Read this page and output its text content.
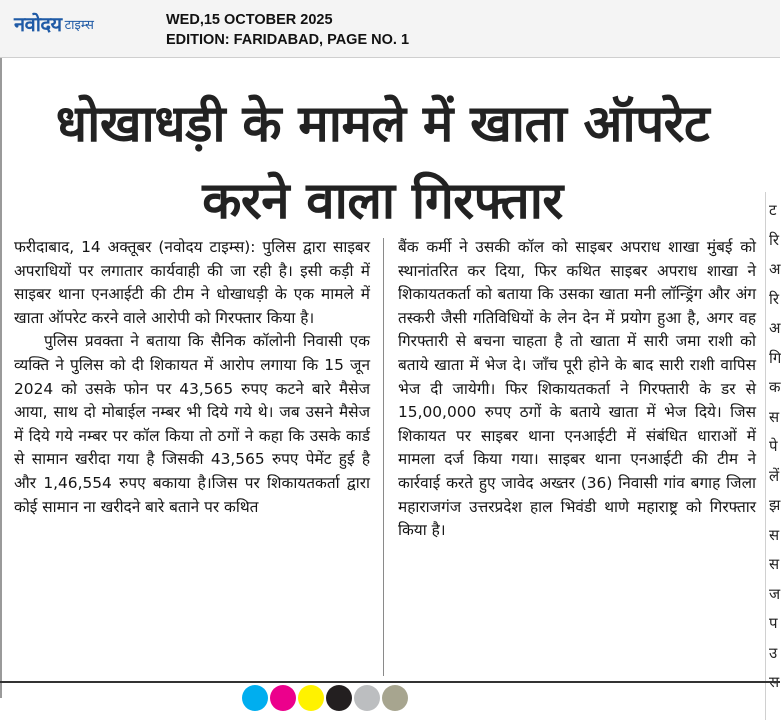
नवोदय टाइम्स	WED,15 OCTOBER 2025
EDITION: FARIDABAD, PAGE NO. 1
धोखाधड़ी के मामले में खाता ऑपरेट
करने वाला गिरफ्तार

फरीदाबाद, 14 अक्तूबर (नवोदय टाइम्स): पुलिस द्वारा साइबर अपराधियों पर लगातार कार्यवाही की जा रही है। इसी कड़ी में साइबर थाना एनआईटी की टीम ने धोखाधड़ी के एक मामले में खाता ऑपरेट करने वाले आरोपी को गिरफ्तार किया है।

पुलिस प्रवक्ता ने बताया कि सैनिक कॉलोनी निवासी एक व्यक्ति ने पुलिस को दी शिकायत में आरोप लगाया कि 15 जून 2024 को उसके फोन पर 43,565 रुपए कटने बारे मैसेज आया, साथ दो मोबाईल नम्बर भी दिये गये थे। जब उसने मैसेज में दिये गये नम्बर पर कॉल किया तो ठगों ने कहा कि उसके कार्ड से सामान खरीदा गया है जिसकी 43,565 रुपए पेमेंट हुई है और 1,46,554 रुपए बकाया है।जिस पर शिकायतकर्ता द्वारा कोई सामान ना खरीदने बारे बताने पर कथित

बैंक कर्मी ने उसकी कॉल को साइबर अपराध शाखा मुंबई को स्थानांतरित कर दिया, फिर कथित साइबर अपराध शाखा ने शिकायतकर्ता को बताया कि उसका खाता मनी लॉन्ड्रिंग और अंग तस्करी जैसी गतिविधियों के लेन देन में प्रयोग हुआ है, अगर वह गिरफ्तारी से बचना चाहता है तो खाता में सारी जमा राशी को बताये खाता में भेज दे। जाँच पूरी होने के बाद सारी राशी वापिस भेज दी जायेगी। फिर शिकायतकर्ता ने गिरफ्तारी के डर से 15,00,000 रुपए ठगों के बताये खाता में भेज दिये। जिस शिकायत पर साइबर थाना एनआईटी में संबंधित धाराओं में मामला दर्ज किया गया। साइबर थाना एनआईटी की टीम ने कार्रवाई करते हुए जावेद अख्तर (36) निवासी गांव बगाह जिला महाराजगंज उत्तरप्रदेश हाल भिवंडी थाणे महाराष्ट्र को गिरफ्तार किया है।

ट
रि
अ
रि
अ
गि
क
स
पे
लें
झ
स
स
ज
प
उ
